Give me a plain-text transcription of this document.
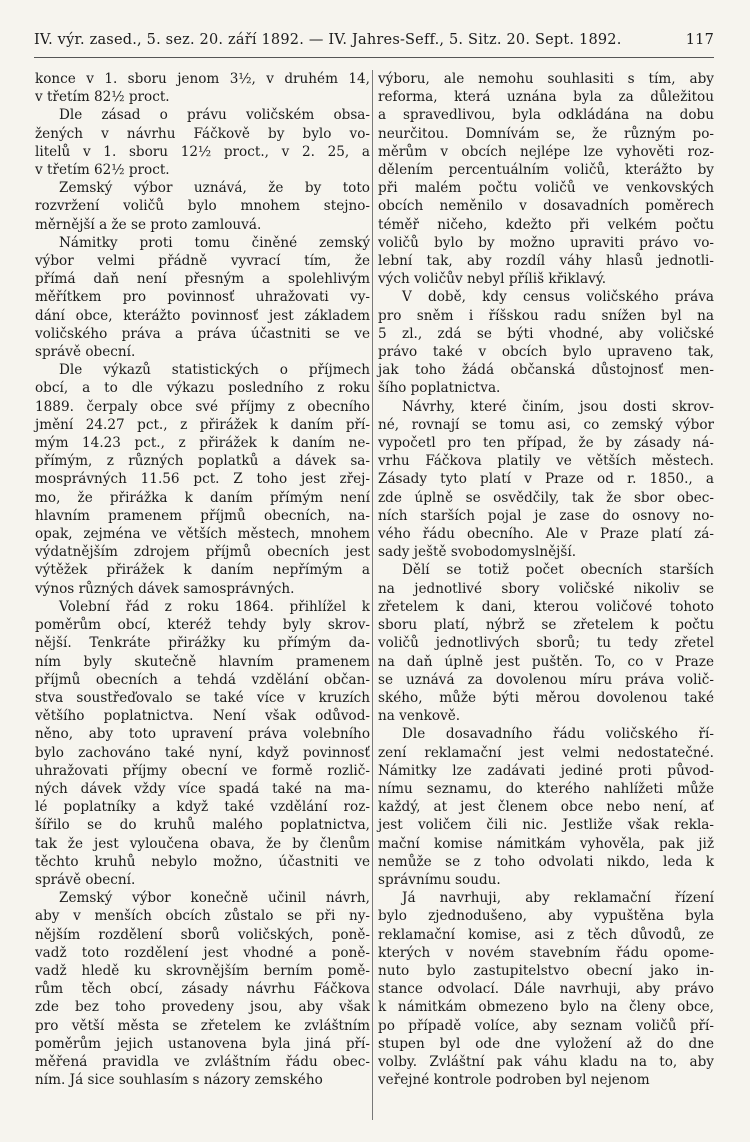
IV. výr. zased., 5. sez. 20. září 1892. — IV. Jahres-Seff., 5. Sitz. 20. Sept. 1892.	117
konce v 1. sboru jenom 3½, v druhém 14,
v třetím 82½ proct.
Dle zásad o právu voličském obsa-
žených v návrhu Fáčkově by bylo vo-
litelů v 1. sboru 12½ proct., v 2. 25, a
v třetím 62½ proct.
Zemský výbor uznává, že by toto
rozvržení voličů bylo mnohem stejno-
měrnější a že se proto zamlouvá.
Námitky proti tomu činěné zemský
výbor velmi přádně vyvrací tím, že
přímá daň není přesným a spolehlivým
měřítkem pro povinnosť uhražovati vy-
dání obce, kterážto povinnosť jest základem
voličského práva a práva účastniti se ve
správě obecní.
Dle výkazů statistických o příjmech
obcí, a to dle výkazu posledního z roku
1889. čerpaly obce své příjmy z obecního
jmění 24.27 pct., z přirážek k daním pří-
mým 14.23 pct., z přirážek k daním ne-
přímým, z různých poplatků a dávek sa-
mosprávných 11.56 pct. Z toho jest zřej-
mo, že přirážka k daním přímým není
hlavním pramenem příjmů obecních, na-
opak, zejména ve větších městech, mnohem
výdatnějším zdrojem příjmů obecních jest
výtěžek přirážek k daním nepřímým a
výnos různých dávek samosprávných.
Volební řád z roku 1864. přihlížel k
poměrům obcí, kteréž tehdy byly skrov-
nější. Tenkráte přirážky ku přímým da-
ním byly skutečně hlavním pramenem
příjmů obecních a tehdá vzdělání občan-
stva soustřeďovalo se také více v kruzích
většího poplatnictva. Není však odůvod-
něno, aby toto upravení práva volebního
bylo zachováno také nyní, když povinnosť
uhražovati příjmy obecní ve formě rozlič-
ných dávek vždy více spadá také na ma-
lé poplatníky a když také vzdělání roz-
šířilo se do kruhů malého poplatnictva,
tak že jest vyloučena obava, že by členům
těchto kruhů nebylo možno, účastniti ve
správě obecní.
Zemský výbor konečně učinil návrh,
aby v menších obcích zůstalo se při ny-
nějším rozdělení sborů voličských, poně-
vadž toto rozdělení jest vhodné a poně-
vadž hledě ku skrovnějším berním pomě-
rům těch obcí, zásady návrhu Fáčkova
zde bez toho provedeny jsou, aby však
pro větší města se zřetelem ke zvláštním
poměrům jejich ustanovena byla jiná pří-
měřená pravidla ve zvláštním řádu obec-
ním. Já sice souhlasím s názory zemského
výboru, ale nemohu souhlasiti s tím, aby
reforma, která uznána byla za důležitou
a spravedlivou, byla odkládána na dobu
neurčitou. Domnívám se, že různým po-
měrům v obcích nejlépe lze vyhověti roz-
dělením percentuálním voličů, kterážto by
při malém počtu voličů ve venkovských
obcích neměnilo v dosavadních poměrech
téměř ničeho, kdežto při velkém počtu
voličů bylo by možno upraviti právo vo-
lební tak, aby rozdíl váhy hlasů jednotli-
vých voličův nebyl příliš křiklavý.
V době, kdy census voličského práva
pro sněm i říšskou radu snížen byl na
5 zl., zdá se býti vhodné, aby voličské
právo také v obcích bylo upraveno tak,
jak toho žádá občanská důstojnosť men-
šího poplatnictva.
Návrhy, které činím, jsou dosti skrov-
né, rovnají se tomu asi, co zemský výbor
vypočetl pro ten případ, že by zásady ná-
vrhu Fáčkova platily ve větších městech.
Zásady tyto platí v Praze od r. 1850., a
zde úplně se osvědčily, tak že sbor obec-
ních starších pojal je zase do osnovy no-
vého řádu obecního. Ale v Praze platí zá-
sady ještě svobodomyslnější.
Dělí se totiž počet obecních starších
na jednotlivé sbory voličské nikoliv se
zřetelem k dani, kterou voličové tohoto
sboru platí, nýbrž se zřetelem k počtu
voličů jednotlivých sborů; tu tedy zřetel
na daň úplně jest puštěn. To, co v Praze
se uznává za dovolenou míru práva volič-
ského, může býti měrou dovolenou také
na venkově.
Dle dosavadního řádu voličského ří-
zení reklamační jest velmi nedostatečné.
Námitky lze zadávati jediné proti původ-
nímu seznamu, do kterého nahlížeti může
každý, at jest členem obce nebo není, ať
jest voličem čili nic. Jestliže však rekla-
mační komise námitkám vyhověla, pak již
nemůže se z toho odvolati nikdo, leda k
správnímu soudu.
Já navrhuji, aby reklamační řízení
bylo zjednodušeno, aby vypuštěna byla
reklamační komise, asi z těch důvodů, ze
kterých v novém stavebním řádu opome-
nuto bylo zastupitelstvo obecní jako in-
stance odvolací. Dále navrhuji, aby právo
k námitkám obmezeno bylo na členy obce,
po případě volíce, aby seznam voličů pří-
stupen byl ode dne vyložení až do dne
volby. Zvláštní pak váhu kladu na to, aby
veřejné kontrole podroben byl nejenom
